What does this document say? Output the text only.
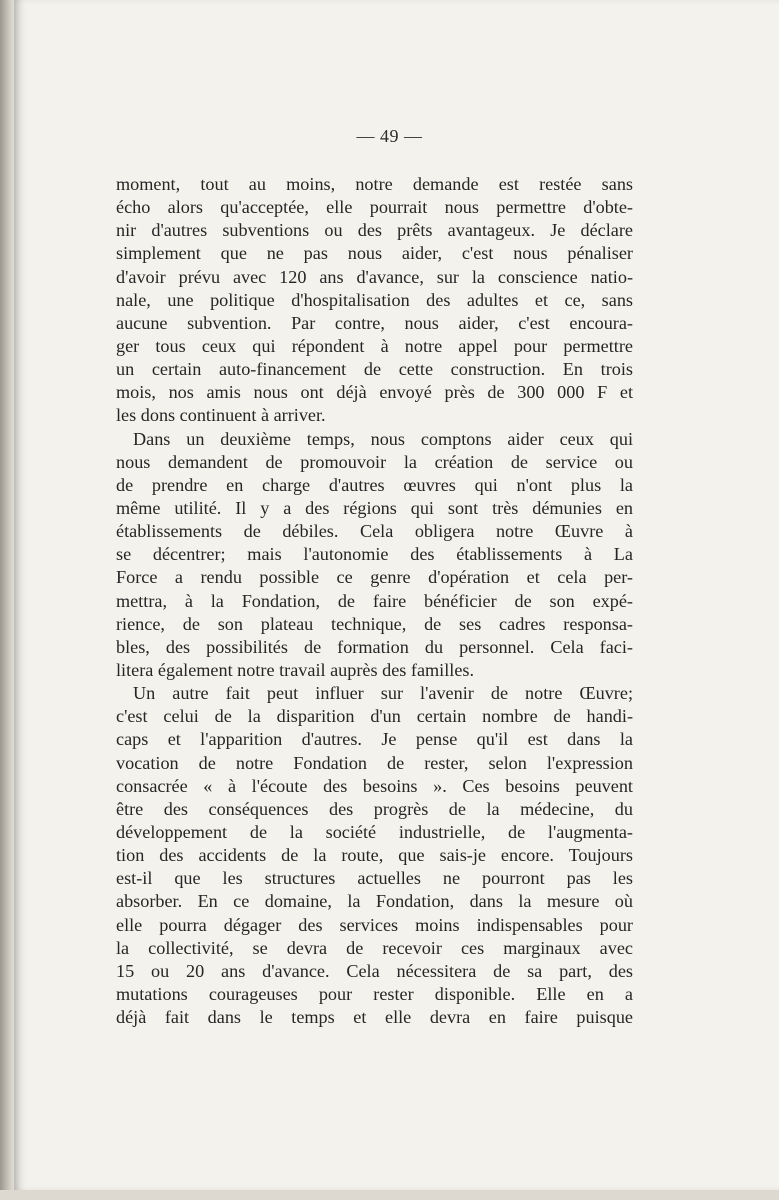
— 49 —
moment, tout au moins, notre demande est restée sans
écho alors qu'acceptée, elle pourrait nous permettre d'obte-
nir d'autres subventions ou des prêts avantageux. Je déclare
simplement que ne pas nous aider, c'est nous pénaliser
d'avoir prévu avec 120 ans d'avance, sur la conscience natio-
nale, une politique d'hospitalisation des adultes et ce, sans
aucune subvention. Par contre, nous aider, c'est encoura-
ger tous ceux qui répondent à notre appel pour permettre
un certain auto-financement de cette construction. En trois
mois, nos amis nous ont déjà envoyé près de 300 000 F et
les dons continuent à arriver.
Dans un deuxième temps, nous comptons aider ceux qui
nous demandent de promouvoir la création de service ou
de prendre en charge d'autres œuvres qui n'ont plus la
même utilité. Il y a des régions qui sont très démunies en
établissements de débiles. Cela obligera notre Œuvre à
se décentrer; mais l'autonomie des établissements à La
Force a rendu possible ce genre d'opération et cela per-
mettra, à la Fondation, de faire bénéficier de son expé-
rience, de son plateau technique, de ses cadres responsa-
bles, des possibilités de formation du personnel. Cela faci-
litera également notre travail auprès des familles.
Un autre fait peut influer sur l'avenir de notre Œuvre;
c'est celui de la disparition d'un certain nombre de handi-
caps et l'apparition d'autres. Je pense qu'il est dans la
vocation de notre Fondation de rester, selon l'expression
consacrée « à l'écoute des besoins ». Ces besoins peuvent
être des conséquences des progrès de la médecine, du
développement de la société industrielle, de l'augmenta-
tion des accidents de la route, que sais-je encore. Toujours
est-il que les structures actuelles ne pourront pas les
absorber. En ce domaine, la Fondation, dans la mesure où
elle pourra dégager des services moins indispensables pour
la collectivité, se devra de recevoir ces marginaux avec
15 ou 20 ans d'avance. Cela nécessitera de sa part, des
mutations courageuses pour rester disponible. Elle en a
déjà fait dans le temps et elle devra en faire puisque
